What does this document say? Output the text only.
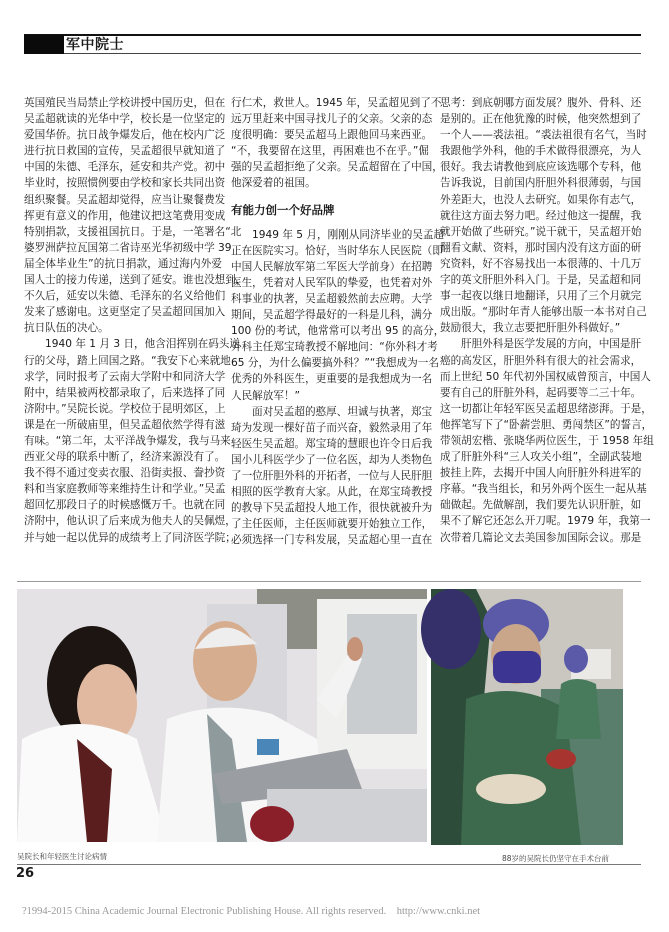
军中院士
英国殖民当局禁止学校讲授中国历史，但在
吴孟超就读的光华中学，校长是一位坚定的
爱国华侨。抗日战争爆发后，他在校内广泛
进行抗日救国的宣传，吴孟超很早就知道了
中国的朱德、毛泽东，延安和共产党。初中
毕业时，按照惯例要由学校和家长共同出资
组织聚餐。吴孟超却觉得，应当让聚餐费发
挥更有意义的作用，他建议把这笔费用变成
特别捐款，支援祖国抗日。于是，一笔署名“北
婆罗洲萨拉瓦国第二省诗巫光华初级中学 39
届全体毕业生”的抗日捐款，通过海内外爱
国人士的接力传递，送到了延安。谁也没想到，
不久后，延安以朱德、毛泽东的名义给他们
发来了感谢电。这更坚定了吴孟超回国加入
抗日队伍的决心。
1940 年 1 月 3 日，他含泪挥别在码头送
行的父母，踏上回国之路。“我安下心来就地
求学，同时报考了云南大学附中和同济大学
附中，结果被两校都录取了，后来选择了同
济附中。”吴院长说。学校位于昆明郊区，上
课是在一所破庙里，但吴孟超依然学得有滋
有味。“第二年，太平洋战争爆发，我与马来
西亚父母的联系中断了，经济来源没有了。
我不得不通过变卖衣服、沿街卖报、誊抄资
料和当家庭教师等来维持生计和学业。”吴孟
超回忆那段日子的时候感慨万千。也就在同
济附中，他认识了后来成为他夫人的吴佩煜，
并与她一起以优异的成绩考上了同济医学院；
行仁术，救世人。1945 年，吴孟超见到了不
远万里赶来中国寻找儿子的父亲。父亲的态
度很明确：要吴孟超马上跟他回马来西亚。
“不，我要留在这里，再困难也不在乎。”倔
强的吴孟超拒绝了父亲。吴孟超留在了中国，
他深爱着的祖国。
有能力创一个好品牌
1949 年 5 月，刚刚从同济毕业的吴孟超
正在医院实习。恰好，当时华东人民医院（即
中国人民解放军第二军医大学前身）在招聘
医生，凭着对人民军队的挚爱，也凭着对外
科事业的执著，吴孟超毅然前去应聘。大学
期间，吴孟超学得最好的一科是儿科，满分
100 份的考试，他常常可以考出 95 的高分，
外科主任郑宝琦教授不解地问：“你外科才考
65 分，为什么偏要搞外科？”“我想成为一名
优秀的外科医生，更重要的是我想成为一名
人民解放军！”
面对吴孟超的憨厚、坦诚与执著，郑宝
琦为发现一棵好苗子而兴奋，毅然录用了年
轻医生吴孟超。郑宝琦的慧眼也许令日后我
国小儿科医学少了一位名医，却为人类物色
了一位肝胆外科的开拓者，一位与人民肝胆
相照的医学教育大家。从此，在郑宝琦教授
的教导下吴孟超投人地工作，很快就被升为
了主任医师，主任医师就要开始独立工作，
必须选择一门专科发展，吴孟超心里一直在
思考：到底朝哪方面发展？腹外、骨科、还
是别的。正在他犹豫的时候，他突然想到了
一个人——裘法祖。“裘法祖很有名气，当时
我跟他学外科，他的手术做得很漂亮，为人
很好。我去请教他到底应该选哪个专科，他
告诉我说，目前国内肝胆外科很薄弱，与国
外差距大，也没人去研究。如果你有志气，
就往这方面去努力吧。经过他这一提醒，我
就开始做了些研究。”说干就干，吴孟超开始
翻看文献、资料，那时国内没有这方面的研
究资料，好不容易找出一本很薄的、十几万
字的英文肝胆外科入门。于是，吴孟超和同
事一起夜以继日地翻译，只用了三个月就完
成出版。“那时年青人能够出版一本书对自己
鼓励很大，我立志要把肝胆外科做好。”
肝胆外科是医学发展的方向，中国是肝
癌的高发区，肝胆外科有很大的社会需求，
而上世纪 50 年代初外国权威曾预言，中国人
要有自己的肝脏外科，起码要等二三十年。
这一切都让年轻军医吴孟超思绪澎湃。于是，
他挥笔写下了“卧薪尝胆、勇闯禁区”的誓言，
带领胡宏楷、张晓华两位医生，于 1958 年组
成了肝脏外科“三人攻关小组”，全副武装地
披挂上阵，去揭开中国人向肝脏外科进军的
序幕。“我当组长，和另外两个医生一起从基
础做起。先做解剖，我们要先认识肝脏，如
果不了解它还怎么开刀呢。1979 年，我第一
次带着几篇论文去美国参加国际会议。那是
吴院长和年轻医生讨论病情	88岁的吴院长仍坚守在手术台前
26
?1994-2015 China Academic Journal Electronic Publishing House. All rights reserved.    http://www.cnki.net
